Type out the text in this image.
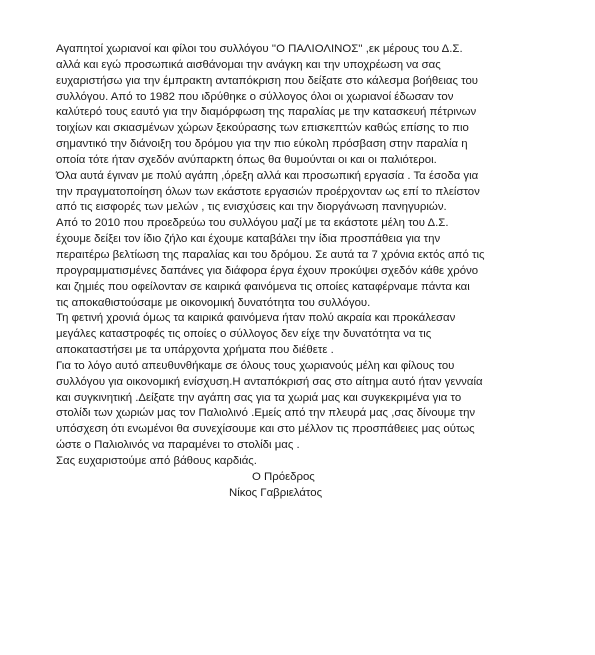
Αγαπητοί χωριανοί και φίλοι του συλλόγου ''Ο ΠΑΛΙΟΛΙΝΟΣ'' ,εκ μέρους του Δ.Σ.
αλλά και εγώ προσωπικά αισθάνομαι την ανάγκη και την υποχρέωση να σας
ευχαριστήσω για την έμπρακτη ανταπόκριση που δείξατε στο κάλεσμα βοήθειας του
συλλόγου. Από το 1982 που ιδρύθηκε ο σύλλογος όλοι οι χωριανοί έδωσαν τον
καλύτερό τους εαυτό για την διαμόρφωση της παραλίας με την κατασκευή πέτρινων
τοιχίων και σκιασμένων χώρων ξεκούρασης των επισκεπτών καθώς επίσης το πιο
σημαντικό την διάνοιξη του δρόμου για την πιο εύκολη πρόσβαση στην παραλία η
οποία τότε ήταν σχεδόν ανύπαρκτη όπως θα θυμούνται οι και οι παλιότεροι.
Όλα αυτά έγιναν με πολύ αγάπη ,όρεξη αλλά και προσωπική εργασία . Τα έσοδα για
την πραγματοποίηση όλων των εκάστοτε εργασιών προέρχονταν ως επί το πλείστον
από τις εισφορές των μελών , τις ενισχύσεις και την διοργάνωση πανηγυριών.
Από το 2010 που προεδρεύω του συλλόγου μαζί με τα εκάστοτε μέλη του Δ.Σ.
έχουμε δείξει τον ίδιο ζήλο και έχουμε καταβάλει την ίδια προσπάθεια για την
περαιτέρω βελτίωση της παραλίας και του δρόμου. Σε αυτά τα 7 χρόνια εκτός από τις
προγραμματισμένες δαπάνες για διάφορα έργα έχουν προκύψει σχεδόν κάθε χρόνο
και ζημιές που οφείλονταν σε καιρικά φαινόμενα τις οποίες καταφέρναμε πάντα και
τις αποκαθιστούσαμε με οικονομική δυνατότητα του συλλόγου.
Τη φετινή χρονιά όμως τα καιρικά φαινόμενα ήταν πολύ ακραία και προκάλεσαν
μεγάλες καταστροφές τις οποίες ο σύλλογος δεν είχε την δυνατότητα να τις
αποκαταστήσει με τα υπάρχοντα χρήματα που διέθετε .
Για το λόγο αυτό απευθυνθήκαμε σε όλους τους χωριανούς μέλη και φίλους του
συλλόγου για οικονομική ενίσχυση.Η ανταπόκρισή σας στο αίτημα αυτό ήταν γενναία
και συγκινητική .Δείξατε την αγάπη σας για τα χωριά μας και συγκεκριμένα για το
στολίδι των χωριών μας τον Παλιολινό .Εμείς από την πλευρά μας ,σας δίνουμε την
υπόσχεση ότι ενωμένοι θα συνεχίσουμε και στο μέλλον τις προσπάθειες μας ούτως
ώστε ο Παλιολινός να παραμένει το στολίδι μας .
Σας ευχαριστούμε από βάθους καρδιάς.
Ο Πρόεδρος
Νίκος Γαβριελάτος
